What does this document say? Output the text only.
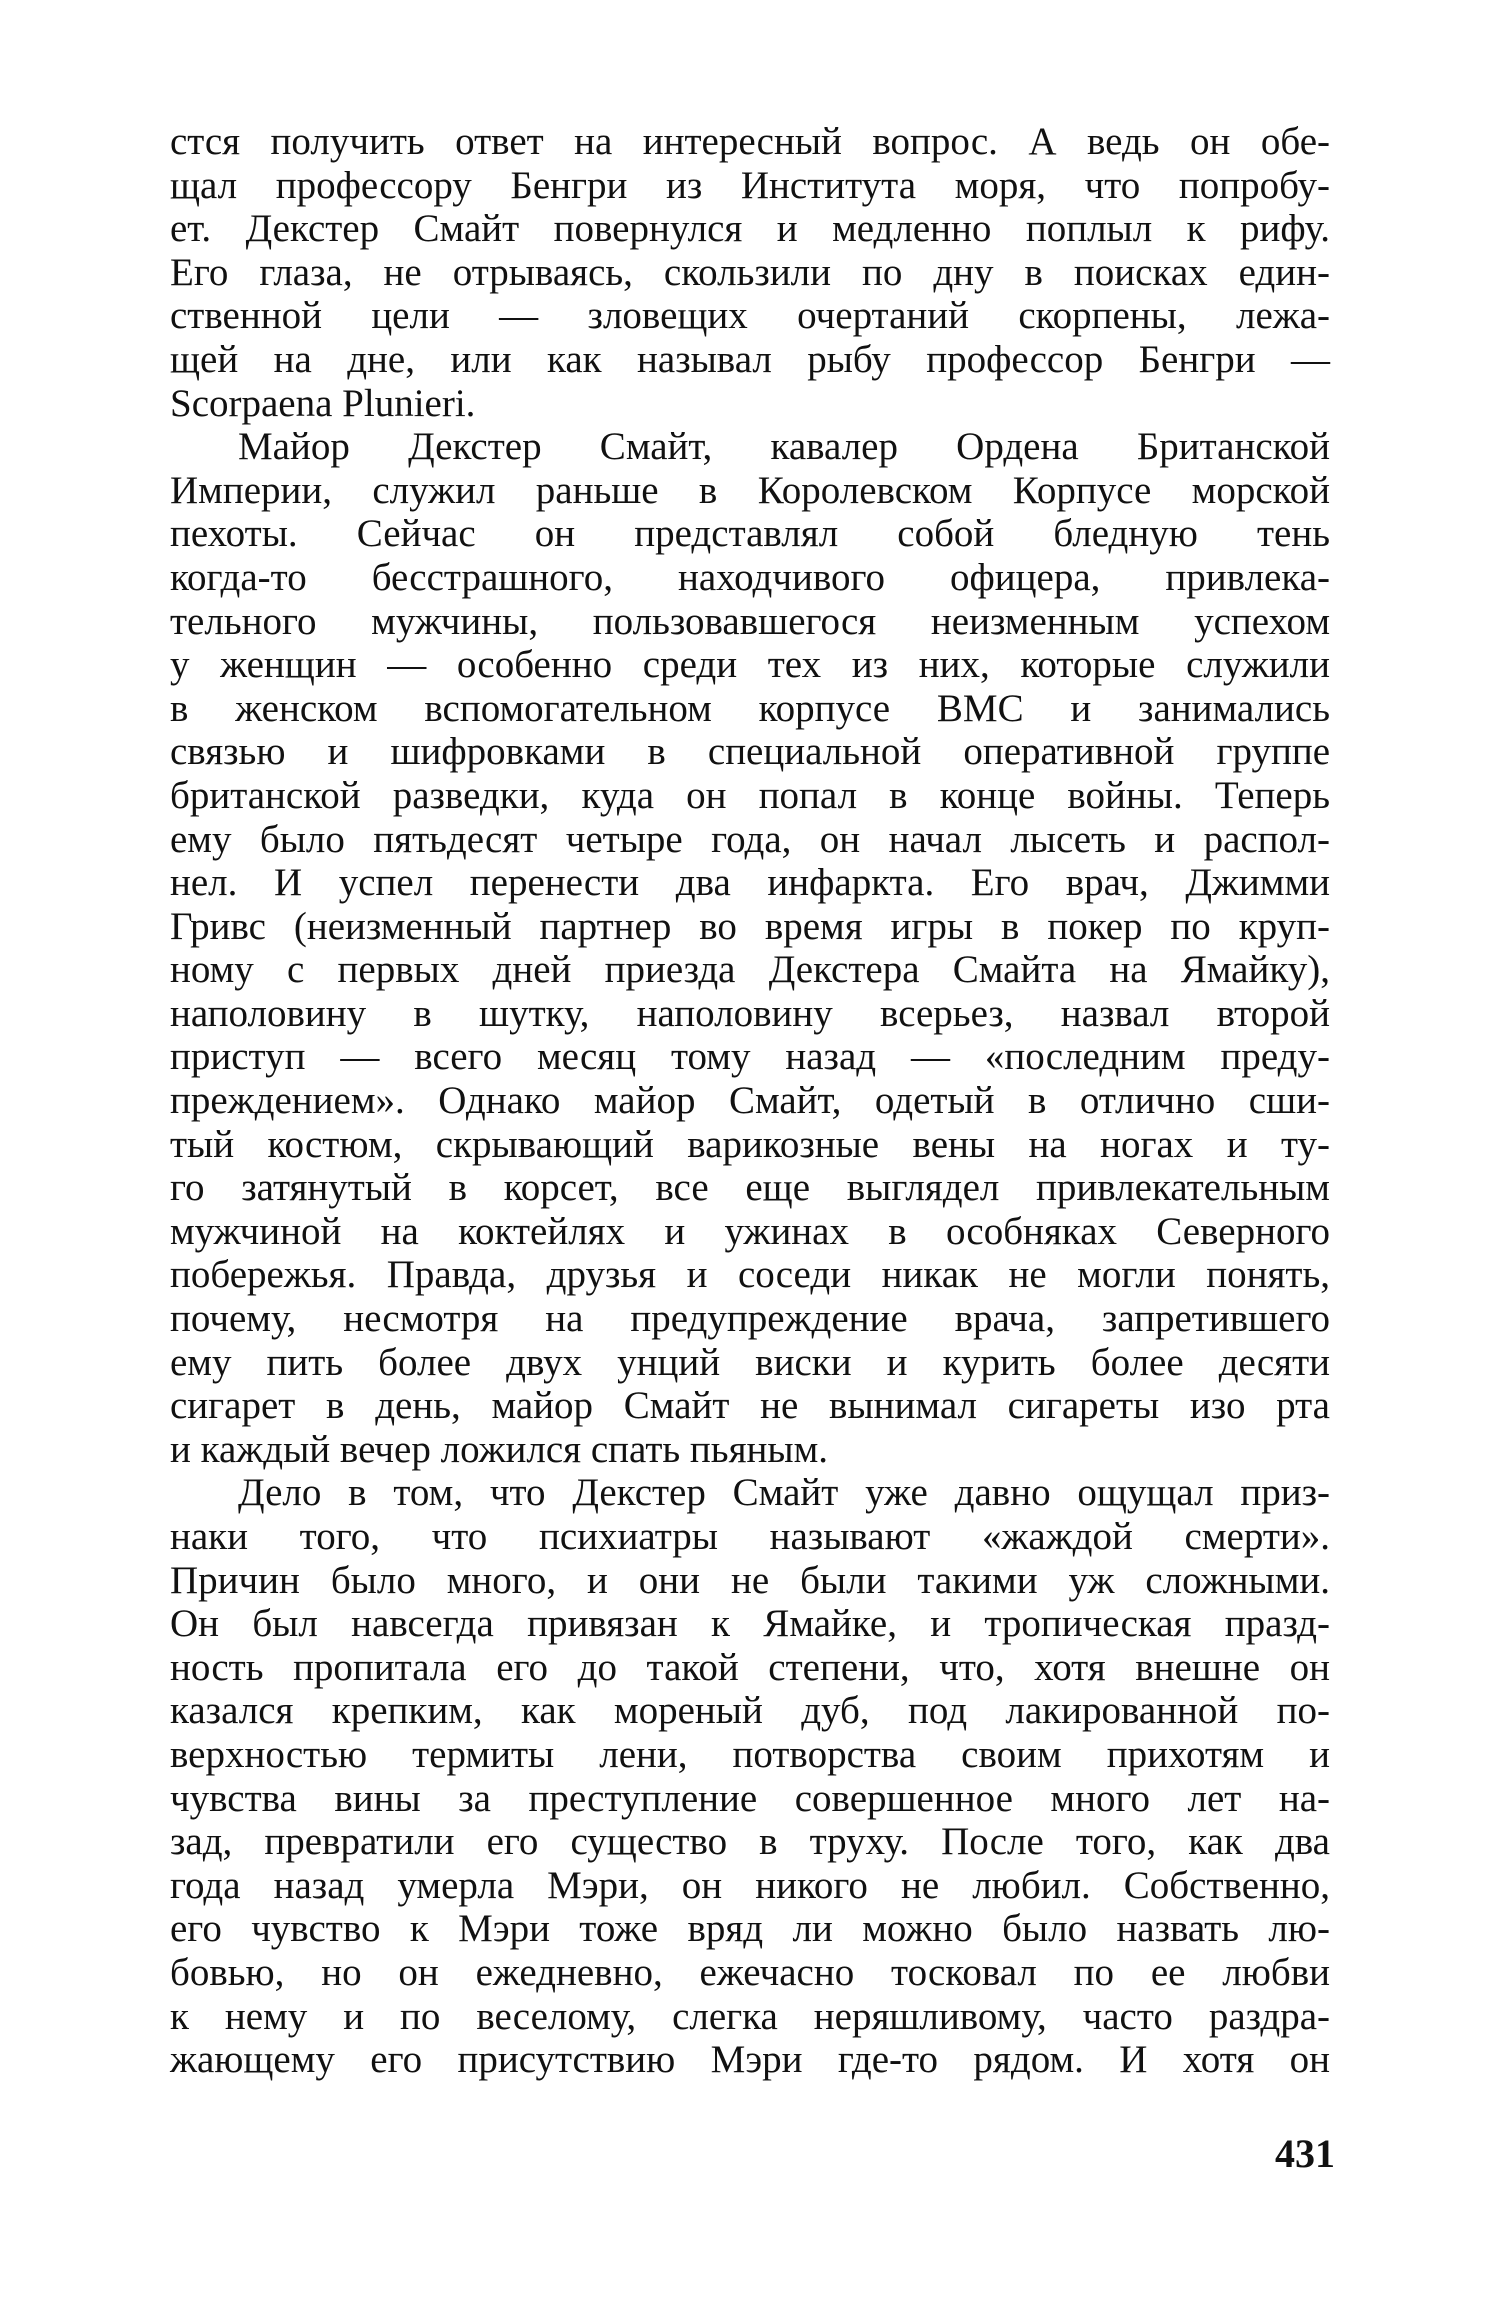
стся получить ответ на интересный вопрос. А ведь он обе-
щал профессору Бенгри из Института моря, что попробу-
ет. Декстер Смайт повернулся и медленно поплыл к рифу.
Его глаза, не отрываясь, скользили по дну в поисках един-
ственной цели — зловещих очертаний скорпены, лежа-
щей на дне, или как называл рыбу профессор Бенгри —
Scorpaena Plunieri.
Майор Декстер Смайт, кавалер Ордена Британской
Империи, служил раньше в Королевском Корпусе морской
пехоты. Сейчас он представлял собой бледную тень
когда-то бесстрашного, находчивого офицера, привлека-
тельного мужчины, пользовавшегося неизменным успехом
у женщин — особенно среди тех из них, которые служили
в женском вспомогательном корпусе ВМС и занимались
связью и шифровками в специальной оперативной группе
британской разведки, куда он попал в конце войны. Теперь
ему было пятьдесят четыре года, он начал лысеть и распол-
нел. И успел перенести два инфаркта. Его врач, Джимми
Гривс (неизменный партнер во время игры в покер по круп-
ному с первых дней приезда Декстера Смайта на Ямайку),
наполовину в шутку, наполовину всерьез, назвал второй
приступ — всего месяц тому назад — «последним преду-
преждением». Однако майор Смайт, одетый в отлично сши-
тый костюм, скрывающий варикозные вены на ногах и ту-
го затянутый в корсет, все еще выглядел привлекательным
мужчиной на коктейлях и ужинах в особняках Северного
побережья. Правда, друзья и соседи никак не могли понять,
почему, несмотря на предупреждение врача, запретившего
ему пить более двух унций виски и курить более десяти
сигарет в день, майор Смайт не вынимал сигареты изо рта
и каждый вечер ложился спать пьяным.
Дело в том, что Декстер Смайт уже давно ощущал приз-
наки того, что психиатры называют «жаждой смерти».
Причин было много, и они не были такими уж сложными.
Он был навсегда привязан к Ямайке, и тропическая празд-
ность пропитала его до такой степени, что, хотя внешне он
казался крепким, как мореный дуб, под лакированной по-
верхностью термиты лени, потворства своим прихотям и
чувства вины за преступление совершенное много лет на-
зад, превратили его существо в труху. После того, как два
года назад умерла Мэри, он никого не любил. Собственно,
его чувство к Мэри тоже вряд ли можно было назвать лю-
бовью, но он ежедневно, ежечасно тосковал по ее любви
к нему и по веселому, слегка неряшливому, часто раздра-
жающему его присутствию Мэри где-то рядом. И хотя он
431
